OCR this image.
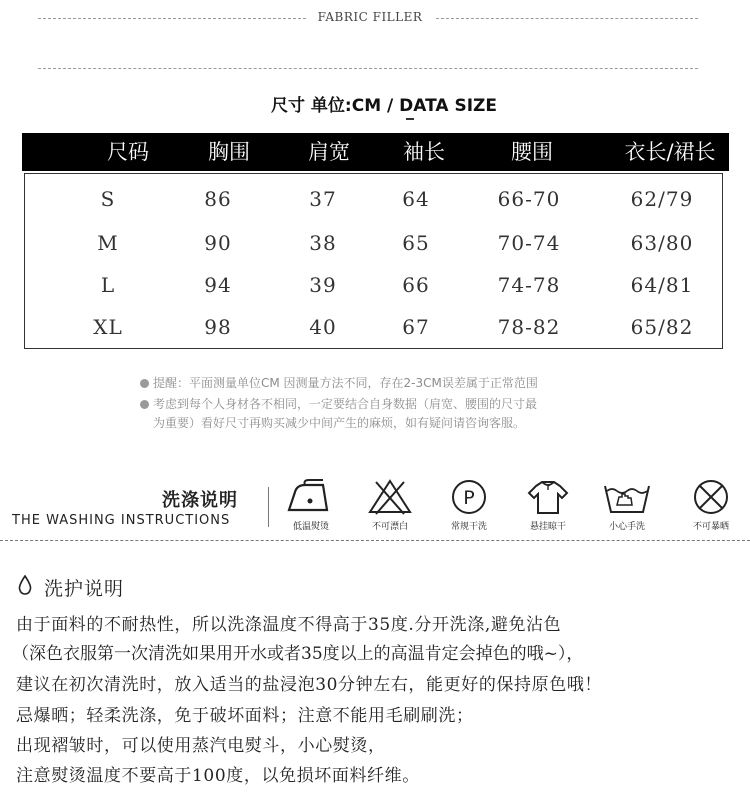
FABRIC FILLER
尺寸 单位:CM / DATA SIZE
尺码	胸围	肩宽	袖长	腰围	衣长/裙长
S	86	37	64	66-70	62/79
M	90	38	65	70-74	63/80
L	94	39	66	74-78	64/81
XL	98	40	67	78-82	65/82
提醒：平面测量单位CM 因测量方法不同，存在2-3CM误差属于正常范围
考虑到每个人身材各不相同，一定要结合自身数据（肩宽、腰围的尺寸最
为重要）看好尺寸再购买减少中间产生的麻烦，如有疑问请咨询客服。
洗涤说明
THE WASHING INSTRUCTIONS	低温熨烫	不可漂白
P
常规干洗	悬挂晾干	小心手洗	不可暴晒
洗护说明
由于面料的不耐热性，所以洗涤温度不得高于35度.分开洗涤,避免沾色
（深色衣服第一次清洗如果用开水或者35度以上的高温肯定会掉色的哦~），
建议在初次清洗时，放入适当的盐浸泡30分钟左右，能更好的保持原色哦！
忌爆晒；轻柔洗涤，免于破坏面料；注意不能用毛刷刷洗；
出现褶皱时，可以使用蒸汽电熨斗，小心熨烫，
注意熨烫温度不要高于100度，以免损坏面料纤维。
